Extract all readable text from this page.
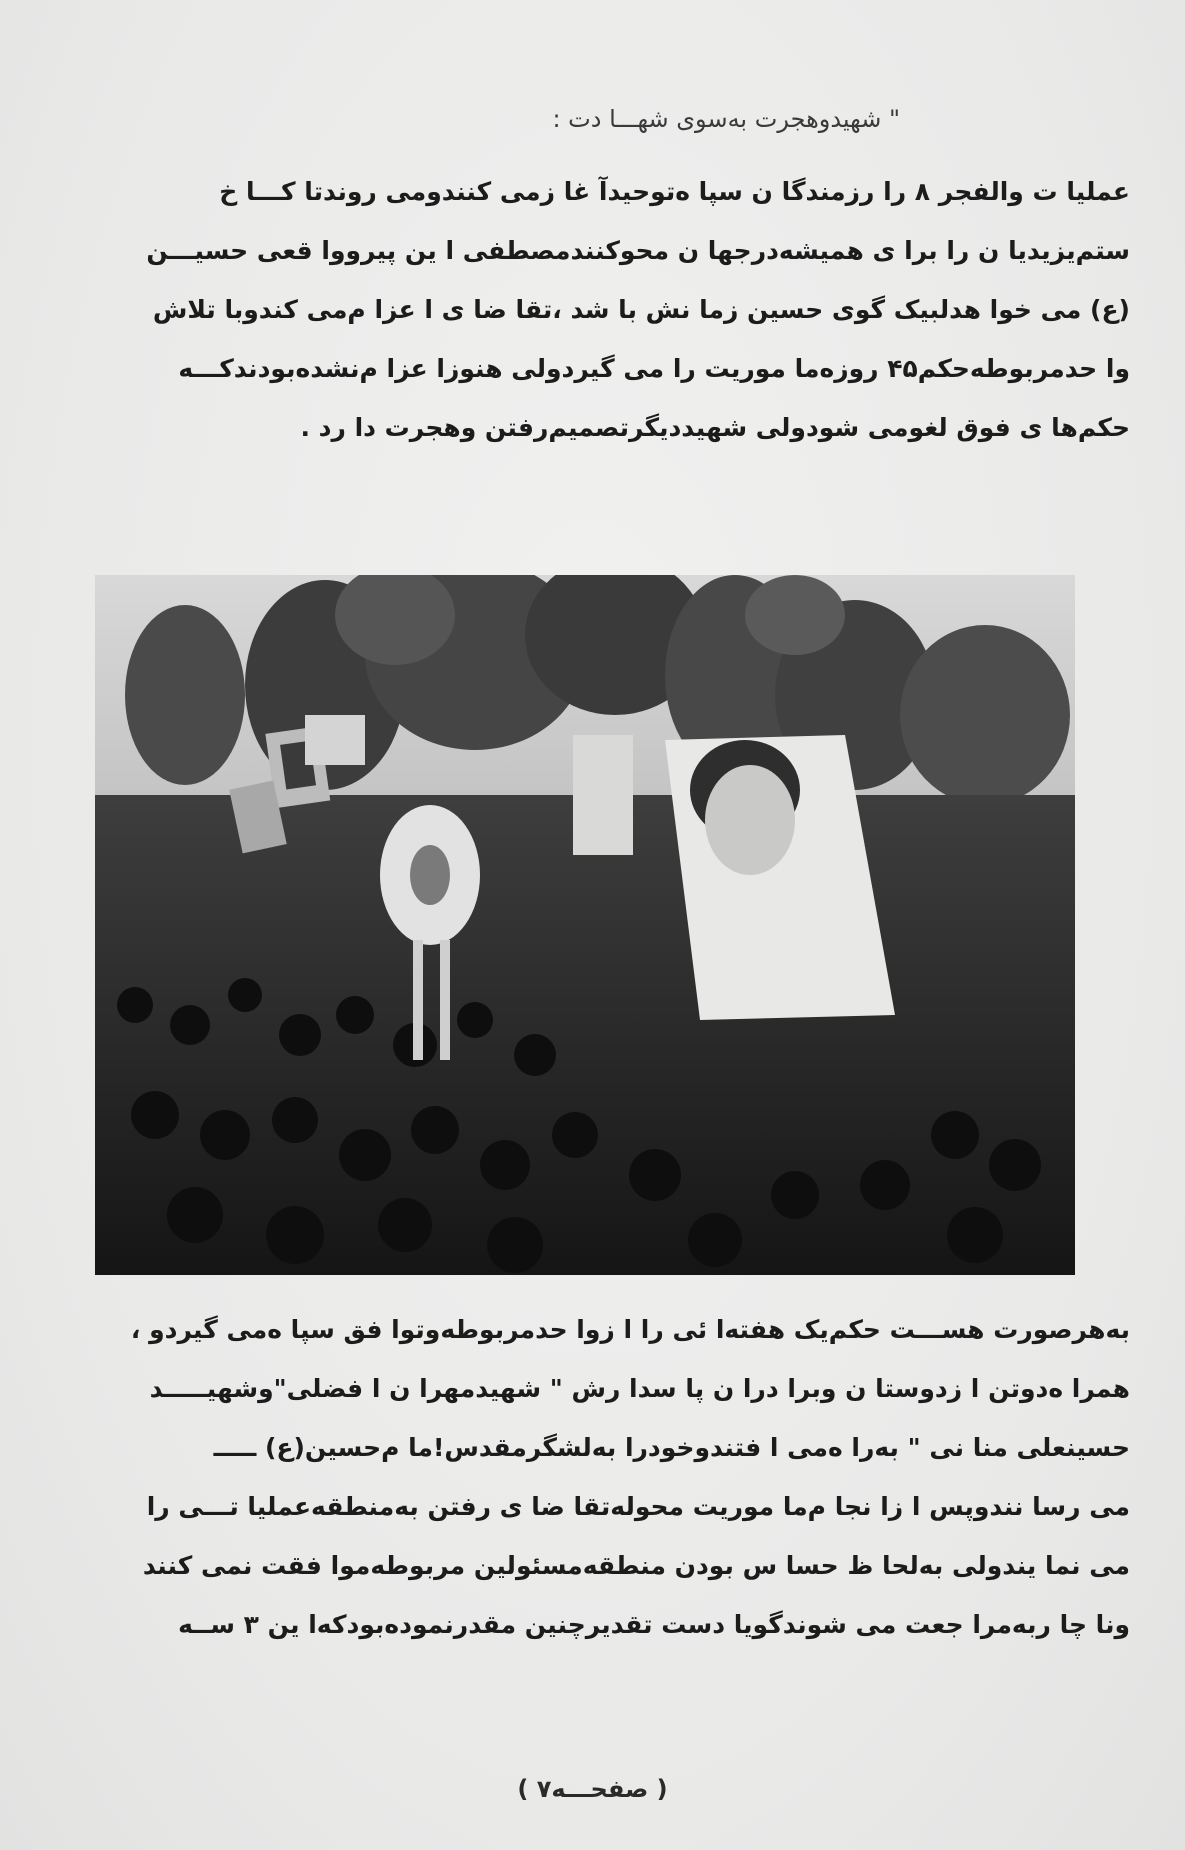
" شهيدوهجرت به‌سوی شهـــا دت :
عمليا ت والفجر ٨ را رزمندگا ن سپا ه‌توحيدآ غا زمی کنندومی روندتا کـــا خ
ستم‌يزيديا ن را برا ی هميشه‌درجها ن محوکنندمصطفی ا ين پيرووا قعی حسيـــن
(ع) می خوا هدلبيک گوی حسين زما نش با شد ،تقا ضا ی ا عزا م‌می کندوبا تلاش
وا حدمربوطه‌حکم۴۵ روزه‌ما موريت را می گيردولی هنوزا عزا م‌نشده‌بودندکـــه
حکم‌ها ی فوق لغومی شودولی شهيددیگرتصميم‌رفتن وهجرت دا رد .
به‌هرصورت هســـت حکم‌يک هفته‌ا ئی را ا زوا حدمربوطه‌وتوا فق سپا ه‌می گيردو ،
همرا ه‌دوتن ا زدوستا ن وبرا درا ن پا سدا رش " شهيدمهرا ن ا فضلی"وشهيـــــد
حسينعلی منا نی " به‌را ه‌می ا فتندوخودرا به‌لشگرمقدس!ما م‌حسين(ع) ـــــ
می رسا نندوپس ا زا نجا م‌ما موريت محوله‌تقا ضا ی رفتن به‌منطقه‌عمليا تـــی را
می نما يندولی به‌لحا ظ حسا س بودن منطقه‌مسئولين مربوطه‌موا فقت نمی کنند
ونا چا ربه‌مرا جعت می شوندگويا دست تقديرچنين مقدرنموده‌بودکه‌ا ين ٣ ســه
( صفحـــه٧ )
